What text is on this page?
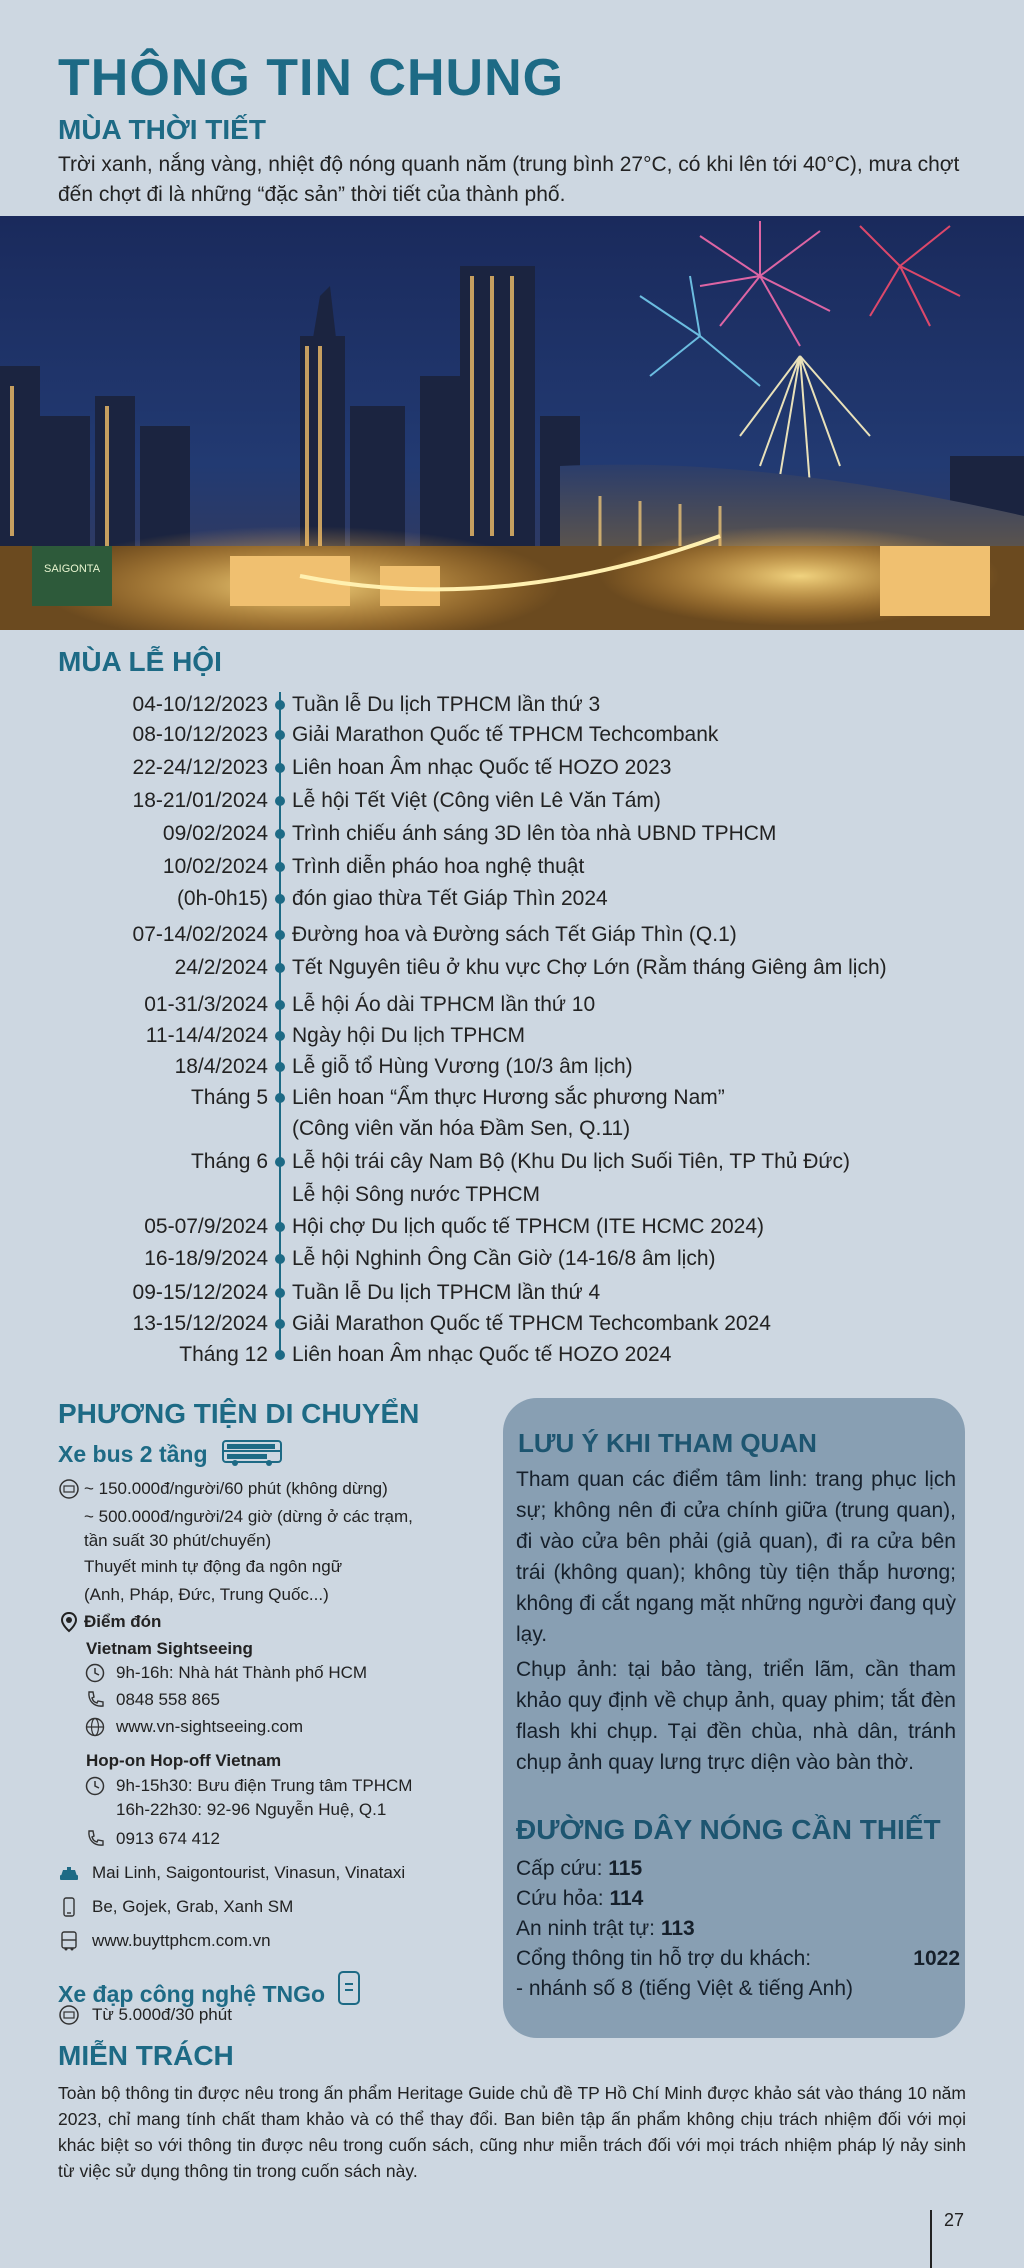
THÔNG TIN CHUNG
MÙA THỜI TIẾT
Trời xanh, nắng vàng, nhiệt độ nóng quanh năm (trung bình 27°C, có khi lên tới 40°C), mưa chợt đến chợt đi là những “đặc sản” thời tiết của thành phố.
SAIGONTA
MÙA LỄ HỘI
04-10/12/2023 Tuần lễ Du lịch TPHCM lần thứ 3
08-10/12/2023 Giải Marathon Quốc tế TPHCM Techcombank
22-24/12/2023 Liên hoan Âm nhạc Quốc tế HOZO 2023
18-21/01/2024 Lễ hội Tết Việt (Công viên Lê Văn Tám)
09/02/2024 Trình chiếu ánh sáng 3D lên tòa nhà UBND TPHCM
10/02/2024 Trình diễn pháo hoa nghệ thuật
(0h-0h15) đón giao thừa Tết Giáp Thìn 2024
07-14/02/2024 Đường hoa và Đường sách Tết Giáp Thìn (Q.1)
24/2/2024 Tết Nguyên tiêu ở khu vực Chợ Lớn (Rằm tháng Giêng âm lịch)
01-31/3/2024 Lễ hội Áo dài TPHCM lần thứ 10
11-14/4/2024 Ngày hội Du lịch TPHCM
18/4/2024 Lễ giỗ tổ Hùng Vương (10/3 âm lịch)
Tháng 5 Liên hoan “Ẩm thực Hương sắc phương Nam”
(Công viên văn hóa Đầm Sen, Q.11)
Tháng 6 Lễ hội trái cây Nam Bộ (Khu Du lịch Suối Tiên, TP Thủ Đức)
Lễ hội Sông nước TPHCM
05-07/9/2024 Hội chợ Du lịch quốc tế TPHCM (ITE HCMC 2024)
16-18/9/2024 Lễ hội Nghinh Ông Cần Giờ (14-16/8 âm lịch)
09-15/12/2024 Tuần lễ Du lịch TPHCM lần thứ 4
13-15/12/2024 Giải Marathon Quốc tế TPHCM Techcombank 2024
Tháng 12 Liên hoan Âm nhạc Quốc tế HOZO 2024
PHƯƠNG TIỆN DI CHUYỂN
Xe bus 2 tầng
~ 150.000đ/người/60 phút (không dừng)
~ 500.000đ/người/24 giờ (dừng ở các trạm,
tần suất 30 phút/chuyến)
Thuyết minh tự động đa ngôn ngữ
(Anh, Pháp, Đức, Trung Quốc...)
Điểm đón
Vietnam Sightseeing
9h-16h: Nhà hát Thành phố HCM
0848 558 865
www.vn-sightseeing.com
Hop-on Hop-off Vietnam
9h-15h30: Bưu điện Trung tâm TPHCM
16h-22h30: 92-96 Nguyễn Huệ, Q.1
0913 674 412
Mai Linh, Saigontourist, Vinasun, Vinataxi
Be, Gojek, Grab, Xanh SM
www.buyttphcm.com.vn
Xe đạp công nghệ TNGo
Từ 5.000đ/30 phút
LƯU Ý KHI THAM QUAN
Tham quan các điểm tâm linh: trang phục lịch sự; không nên đi cửa chính giữa (trung quan), đi vào cửa bên phải (giả quan), đi ra cửa bên trái (không quan); không tùy tiện thắp hương; không đi cắt ngang mặt những người đang quỳ lạy.
Chụp ảnh: tại bảo tàng, triển lãm, cần tham khảo quy định về chụp ảnh, quay phim; tắt đèn flash khi chụp. Tại đền chùa, nhà dân, tránh chụp ảnh quay lưng trực diện vào bàn thờ.
ĐƯỜNG DÂY NÓNG CẦN THIẾT
Cấp cứu: 115
Cứu hỏa: 114
An ninh trật tự: 113
Cổng thông tin hỗ trợ du khách:	1022
- nhánh số 8 (tiếng Việt & tiếng Anh)
MIỄN TRÁCH
Toàn bộ thông tin được nêu trong ấn phẩm Heritage Guide chủ đề TP Hồ Chí Minh được khảo sát vào tháng 10 năm 2023, chỉ mang tính chất tham khảo và có thể thay đổi. Ban biên tập ấn phẩm không chịu trách nhiệm đối với mọi khác biệt so với thông tin được nêu trong cuốn sách, cũng như miễn trách đối với mọi trách nhiệm pháp lý nảy sinh từ việc sử dụng thông tin trong cuốn sách này.
27
